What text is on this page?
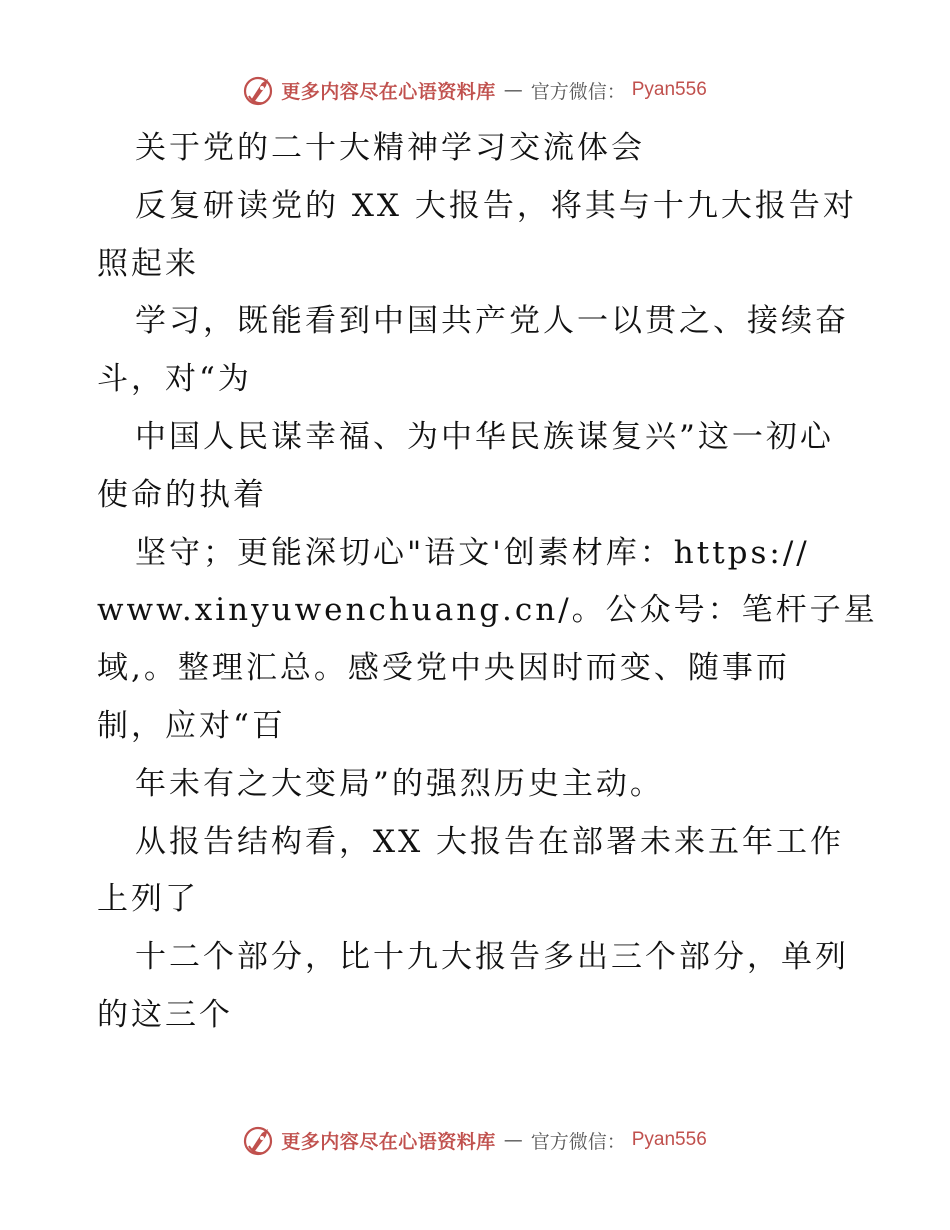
更多内容尽在心语资料库 — 官方微信： Pyan556
关于党的二十大精神学习交流体会
反复研读党的 XX 大报告，将其与十九大报告对
照起来
学习，既能看到中国共产党人一以贯之、接续奋
斗，对“为
中国人民谋幸福、为中华民族谋复兴”这一初心
使命的执着
坚守；更能深切心"语文'创素材库：https://
www.xinyuwenchuang.cn/。公众号：笔杆子星
域,。整理汇总。感受党中央因时而变、随事而
制，应对“百
年未有之大变局”的强烈历史主动。
从报告结构看，XX 大报告在部署未来五年工作
上列了
十二个部分，比十九大报告多出三个部分，单列
的这三个
更多内容尽在心语资料库 — 官方微信： Pyan556
